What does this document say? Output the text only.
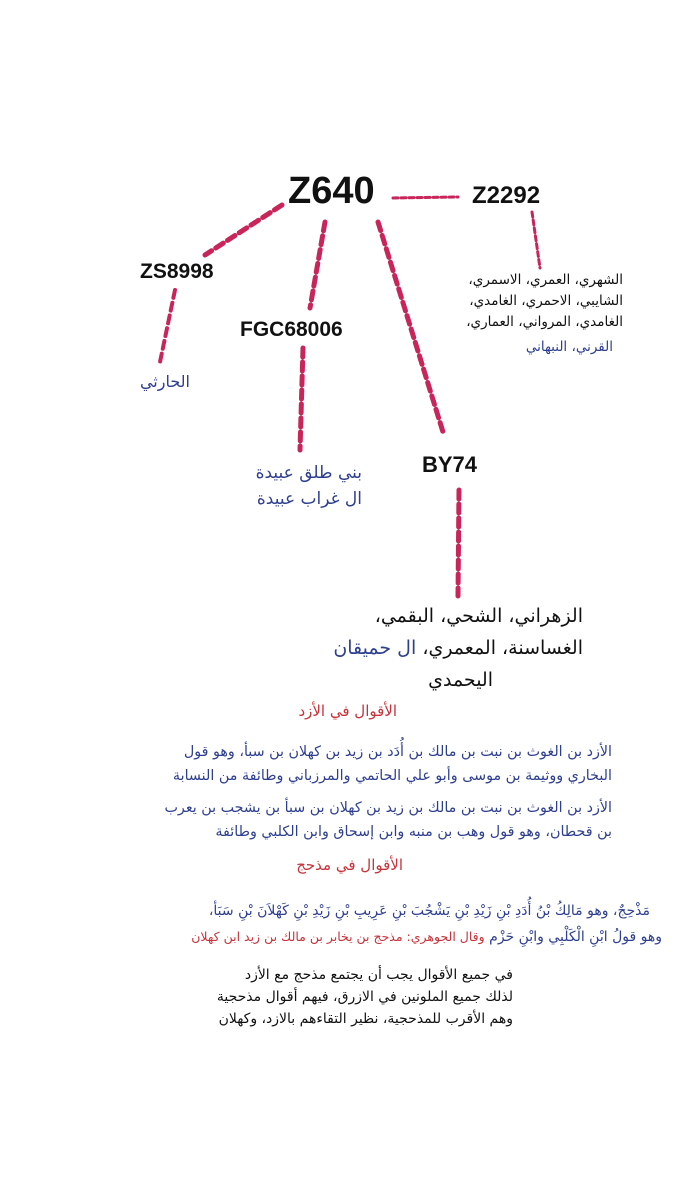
Z640	Z2292
ZS8998
FGC68006
BY74
الشهري، العمري، الاسمري،
الشايبي، الاحمري، الغامدي،
الغامدي، المرواني، العماري،
القرني، النبهاني
الحارثي
بني طلق عبيدة
ال غراب عبيدة
الزهراني، الشحي، البقمي،
الغساسنة، المعمري، ال حميقان
اليحمدي
الأقوال في الأزد
الأزد بن الغوث بن نبت بن مالك بن أُدَد بن زيد بن كهلان بن سبأ، وهو قول
البخاري ووثيمة بن موسى وأبو علي الحاتمي والمرزباني وطائفة من النسابة
الأزد بن الغوث بن نبت بن مالك بن زيد بن كهلان بن سبأ بن يشجب بن يعرب
بن قحطان، وهو قول وهب بن منبه وابن إسحاق وابن الكلبي وطائفة
الأقوال في مذحج
مَذْحِجٌ، وهو مَالِكُ بْنُ أُدَدِ بْنِ زَيْدِ بْنِ يَشْجُبَ بْنِ عَرِيبِ بْنِ زَيْدِ بْنِ كَهْلاَنَ بْنِ سَبَأ،
وهو قولُ ابْنِ الْكَلْبِي وابْنِ حَزْم وقال الجوهري: مذحج بن يخابر بن مالك بن زيد ابن كهلان
في جميع الأقوال يجب أن يجتمع مذحج مع الأزد
لذلك جميع الملونين في الازرق، فيهم أقوال مذحجية
وهم الأقرب للمذحجية، نظير التقاءهم بالازد، وكهلان
